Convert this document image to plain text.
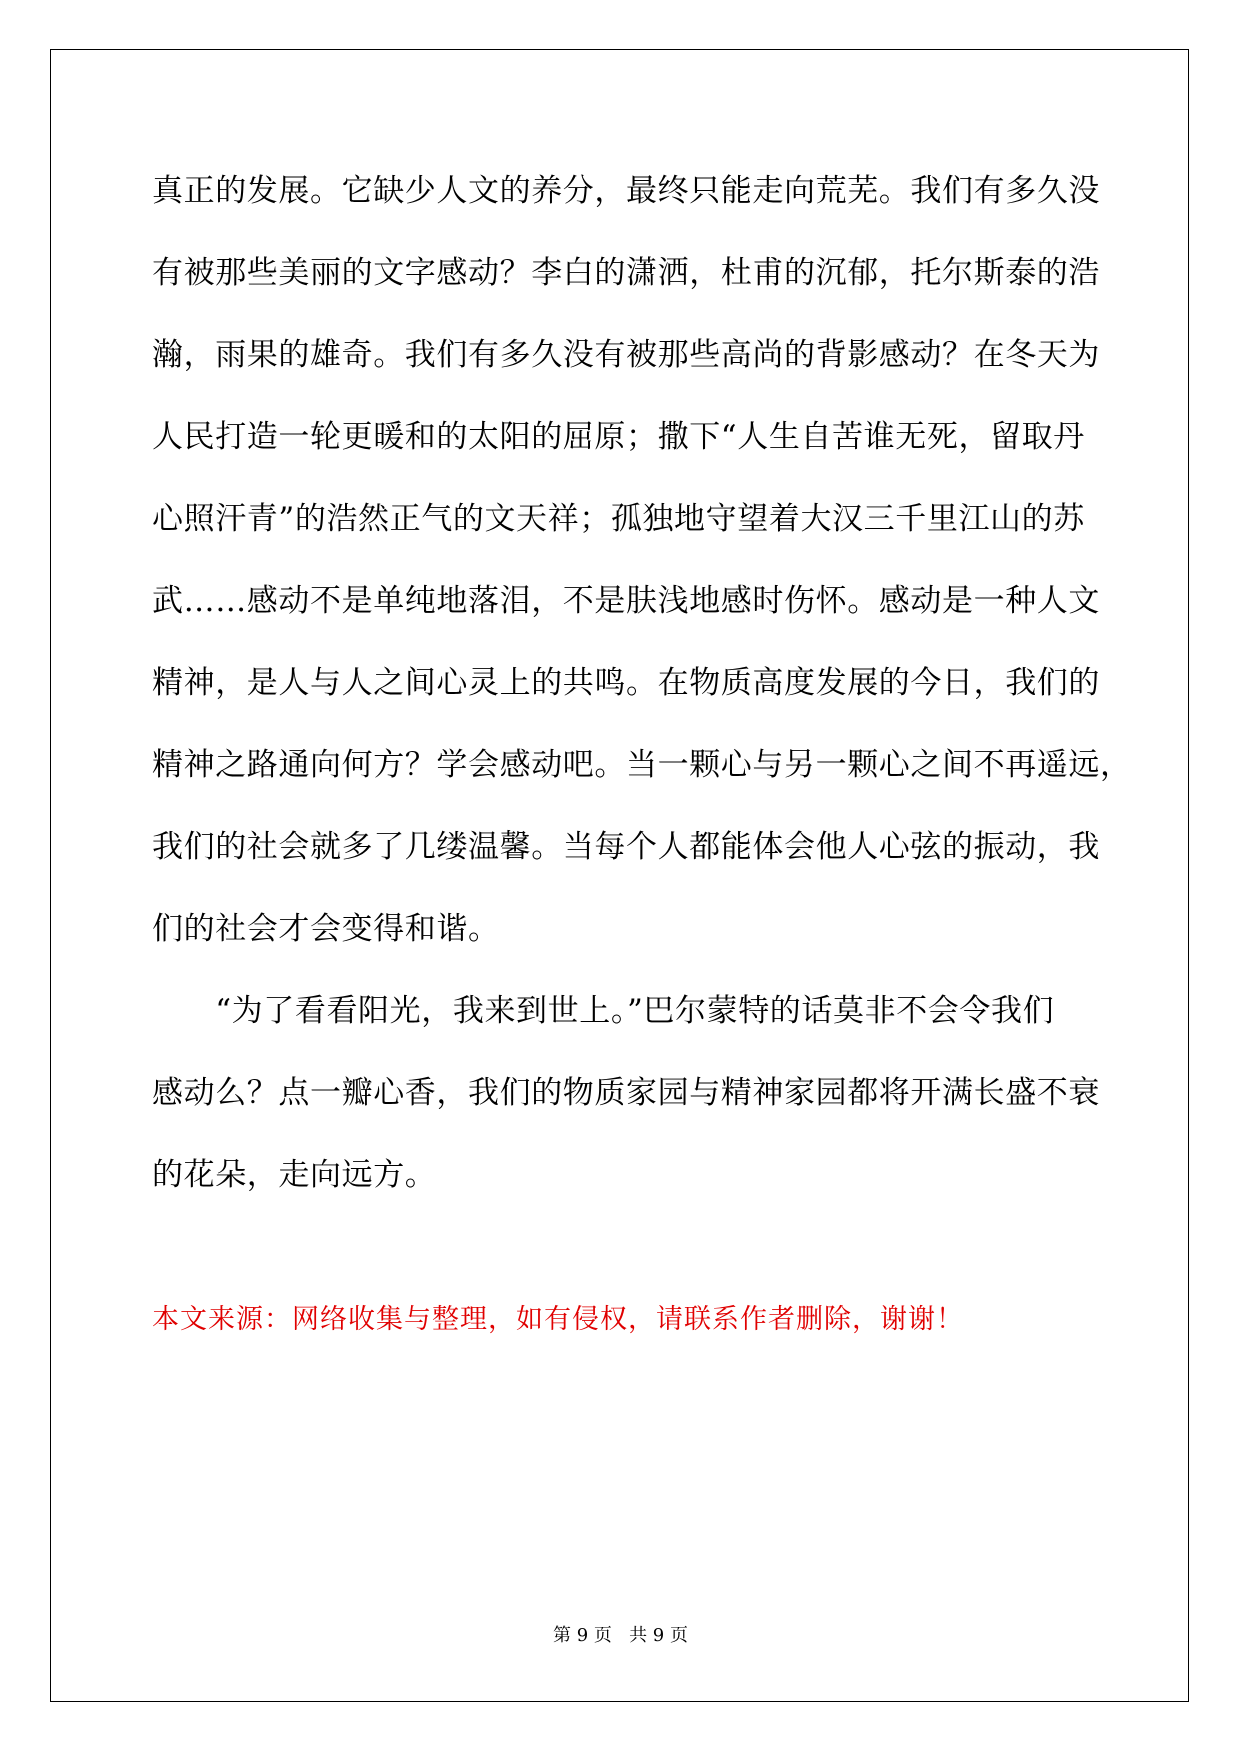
真正的发展。它缺少人文的养分，最终只能走向荒芜。我们有多久没
有被那些美丽的文字感动？李白的潇洒，杜甫的沉郁，托尔斯泰的浩
瀚，雨果的雄奇。我们有多久没有被那些高尚的背影感动？在冬天为
人民打造一轮更暖和的太阳的屈原；撒下“人生自苦谁无死，留取丹
心照汗青”的浩然正气的文天祥；孤独地守望着大汉三千里江山的苏
武……感动不是单纯地落泪，不是肤浅地感时伤怀。感动是一种人文
精神，是人与人之间心灵上的共鸣。在物质高度发展的今日，我们的
精神之路通向何方？学会感动吧。当一颗心与另一颗心之间不再遥远，
我们的社会就多了几缕温馨。当每个人都能体会他人心弦的振动，我
们的社会才会变得和谐。
　　“为了看看阳光，我来到世上。”巴尔蒙特的话莫非不会令我们
感动么？点一瓣心香，我们的物质家园与精神家园都将开满长盛不衰
的花朵，走向远方。
本文来源：网络收集与整理，如有侵权，请联系作者删除，谢谢！
第 9 页   共 9 页
